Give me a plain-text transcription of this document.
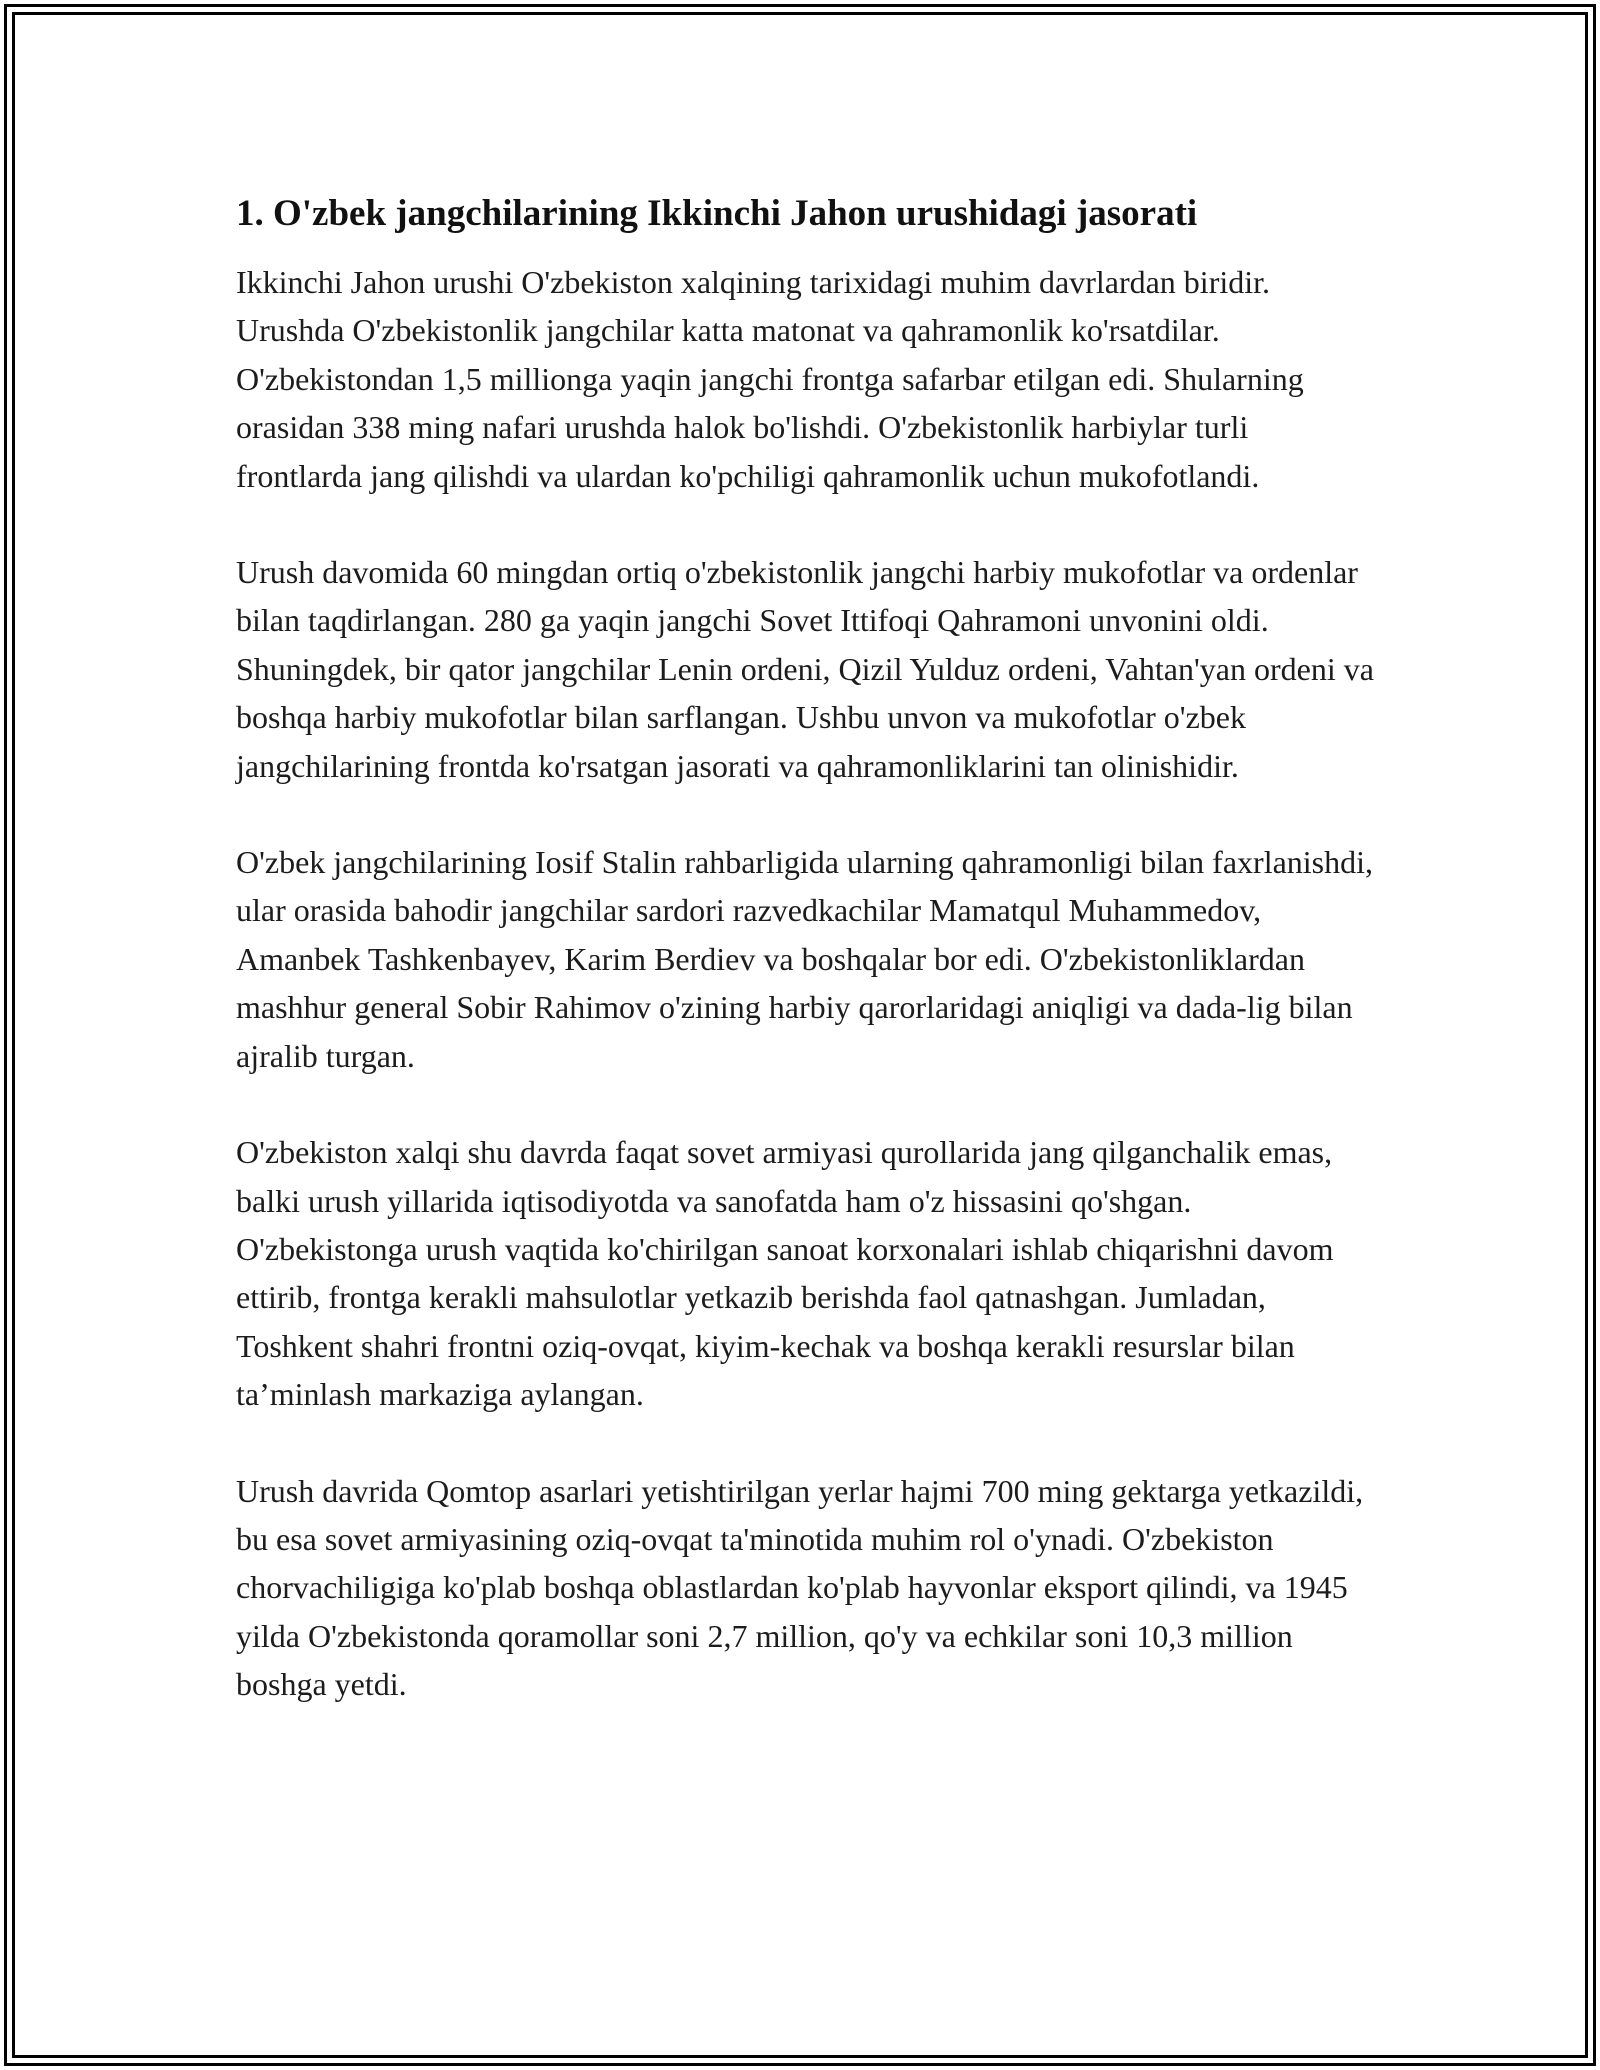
1. O'zbek jangchilarining Ikkinchi Jahon urushidagi jasorati

Ikkinchi Jahon urushi O'zbekiston xalqining tarixidagi muhim davrlardan biridir. Urushda O'zbekistonlik jangchilar katta matonat va qahramonlik ko'rsatdilar. O'zbekistondan 1,5 millionga yaqin jangchi frontga safarbar etilgan edi. Shularning orasidan 338 ming nafari urushda halok bo'lishdi. O'zbekistonlik harbiylar turli frontlarda jang qilishdi va ulardan ko'pchiligi qahramonlik uchun mukofotlandi.

Urush davomida 60 mingdan ortiq o'zbekistonlik jangchi harbiy mukofotlar va ordenlar bilan taqdirlangan. 280 ga yaqin jangchi Sovet Ittifoqi Qahramoni unvonini oldi. Shuningdek, bir qator jangchilar Lenin ordeni, Qizil Yulduz ordeni, Vahtan'yan ordeni va boshqa harbiy mukofotlar bilan sarflangan. Ushbu unvon va mukofotlar o'zbek jangchilarining frontda ko'rsatgan jasorati va qahramonliklarini tan olinishidir.

O'zbek jangchilarining Iosif Stalin rahbarligida ularning qahramonligi bilan faxrlanishdi, ular orasida bahodir jangchilar sardori razvedkachilar Mamatqul Muhammedov, Amanbek Tashkenbayev, Karim Berdiev va boshqalar bor edi. O'zbekistonliklardan mashhur general Sobir Rahimov o'zining harbiy qarorlaridagi aniqligi va dada-lig bilan ajralib turgan.

O'zbekiston xalqi shu davrda faqat sovet armiyasi qurollarida jang qilganchalik emas, balki urush yillarida iqtisodiyotda va sanofatda ham o'z hissasini qo'shgan. O'zbekistonga urush vaqtida ko'chirilgan sanoat korxonalari ishlab chiqarishni davom ettirib, frontga kerakli mahsulotlar yetkazib berishda faol qatnashgan. Jumladan, Toshkent shahri frontni oziq-ovqat, kiyim-kechak va boshqa kerakli resurslar bilan ta’minlash markaziga aylangan.

Urush davrida Qomtop asarlari yetishtirilgan yerlar hajmi 700 ming gektarga yetkazildi, bu esa sovet armiyasining oziq-ovqat ta'minotida muhim rol o'ynadi. O'zbekiston chorvachiligiga ko'plab boshqa oblastlardan ko'plab hayvonlar eksport qilindi, va 1945 yilda O'zbekistonda qoramollar soni 2,7 million, qo'y va echkilar soni 10,3 million boshga yetdi.
